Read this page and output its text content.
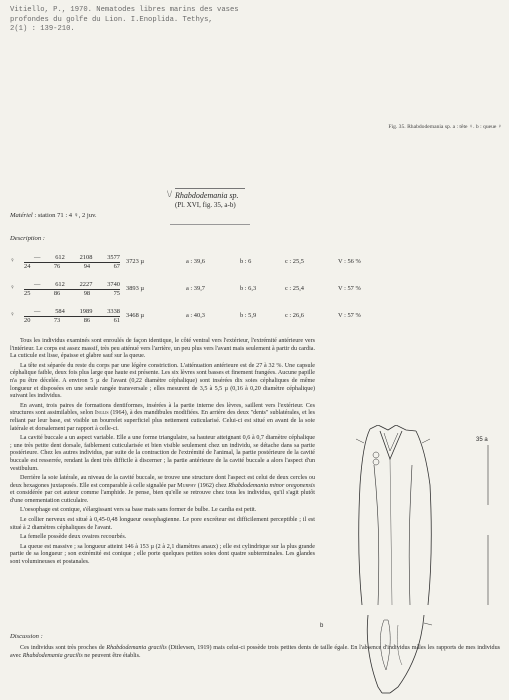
Vitiello, P., 1970. Nematodes libres marins des vases
profondes du golfe du Lion. I.Enoplida. Tethys,
2(1) : 139-210.
Fig. 35. Rhabdodemania sp. a : tête ♀. b : queue ♀
\/ Rhabdodemania sp.
(Pl. XVI, fig. 35, a-b)
Matériel : station 71 : 4 ♀, 2 juv.
Description :
♀	— 612 2108 3577
24	76	94	67
3723 µ	a : 39,6	b : 6	c : 25,5	V : 56 %
♀	— 612 2227 3740
25	86	98	75
3893 µ	a : 39,7	b : 6,3	c : 25,4	V : 57 %
♀	— 584 1989 3338
20	73	86	61
3468 µ	a : 40,3	b : 5,9	c : 26,6	V : 57 %

Tous les individus examinés sont enroulés de façon identique, le côté ventral vers l'extérieur, l'extrémité antérieure vers l'intérieur. Le corps est assez massif, très peu atténué vers l'arrière, un peu plus vers l'avant mais seulement à partir du cardia. La cuticule est lisse, épaisse et glabre sauf sur la queue.

La tête est séparée du reste du corps par une légère constriction. L'atténuation antérieure est de 27 à 32 %. Une capsule céphalique faible, deux fois plus large que haute est présente. Les six lèvres sont basses et finement frangées. Aucune papille n'a pu être décelée. A environ 5 µ de l'avant (0,22 diamètre céphalique) sont insérées dix soies céphaliques de même longueur et disposées en une seule rangée transversale ; elles mesurent de 3,5 à 5,5 µ (0,16 à 0,20 diamètre céphalique) suivant les individus.

En avant, trois paires de formations dentiformes, insérées à la partie interne des lèvres, saillent vers l'extérieur. Ces structures sont assimilables, selon Inglis (1964), à des mandibules modifiées. En arrière des deux "dents" sublatérales, et les reliant par leur base, est visible un bourrelet superficiel plus nettement cuticularisé. Celui-ci est situé en avant de la soie latérale et dorsalement par rapport à celle-ci.

La cavité buccale a un aspect variable. Elle a une forme triangulaire, sa hauteur atteignant 0,6 à 0,7 diamètre céphalique ; une très petite dent dorsale, faiblement cuticularisée et bien visible seulement chez un individu, se détache dans sa partie postérieure. Chez les autres individus, par suite de la contraction de l'extrémité de l'animal, la partie postérieure de la cavité buccale est resserrée, rendant la dent très difficile à discerner ; la partie antérieure de la cavité buccale a alors l'aspect d'un vestibulum.

Derrière la soie latérale, au niveau de la cavité buccale, se trouve une structure dont l'aspect est celui de deux cercles ou deux hexagones juxtaposés. Elle est comparable à celle signalée par Murphy (1962) chez Rhabdodemania minor oregonensis et considérée par cet auteur comme l'amphide. Je pense, bien qu'elle se retrouve chez tous les individus, qu'il s'agit plutôt d'une ornementation cuticulaire.

L'oesophage est conique, s'élargissant vers sa base mais sans former de bulbe. Le cardia est petit.

Le collier nerveux est situé à 0,45-0,48 longueur oesophagienne. Le pore excréteur est difficilement perceptible ; il est situé à 2 diamètres céphaliques de l'avant.

La femelle possède deux ovaires recourbés.

La queue est massive ; sa longueur atteint 146 à 153 µ (2 à 2,1 diamètres anaux) ; elle est cylindrique sur la plus grande partie de sa longueur ; son extrémité est conique ; elle porte quelques petites soies dont quatre subterminales. Les glandes sont volumineuses et postanales.

Discussion :

Ces individus sont très proches de Rhabdodemania gracilis (Ditlevsen, 1919) mais celui-ci possède trois petites dents de taille égale. En l'absence d'individus mâles les rapports de mes individus avec Rhabdodemania gracilis ne peuvent être établis.

35 a
b
